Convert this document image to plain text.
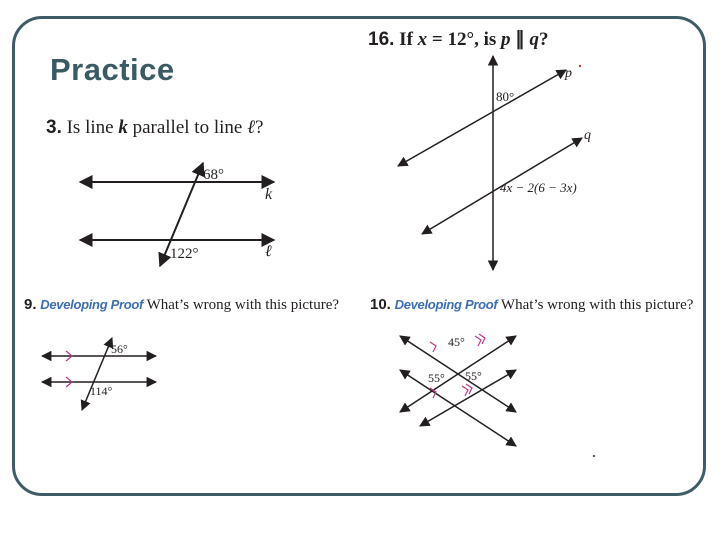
Practice
16. If x = 12°, is p ∥ q?
3. Is line k parallel to line ℓ?
68°
122°
k
ℓ
80°
4x − 2(6 − 3x)
p
q
9. Developing Proof What’s wrong with this picture? 10. Developing Proof What’s wrong with this picture?
56°
114°
45°
55° 55°
